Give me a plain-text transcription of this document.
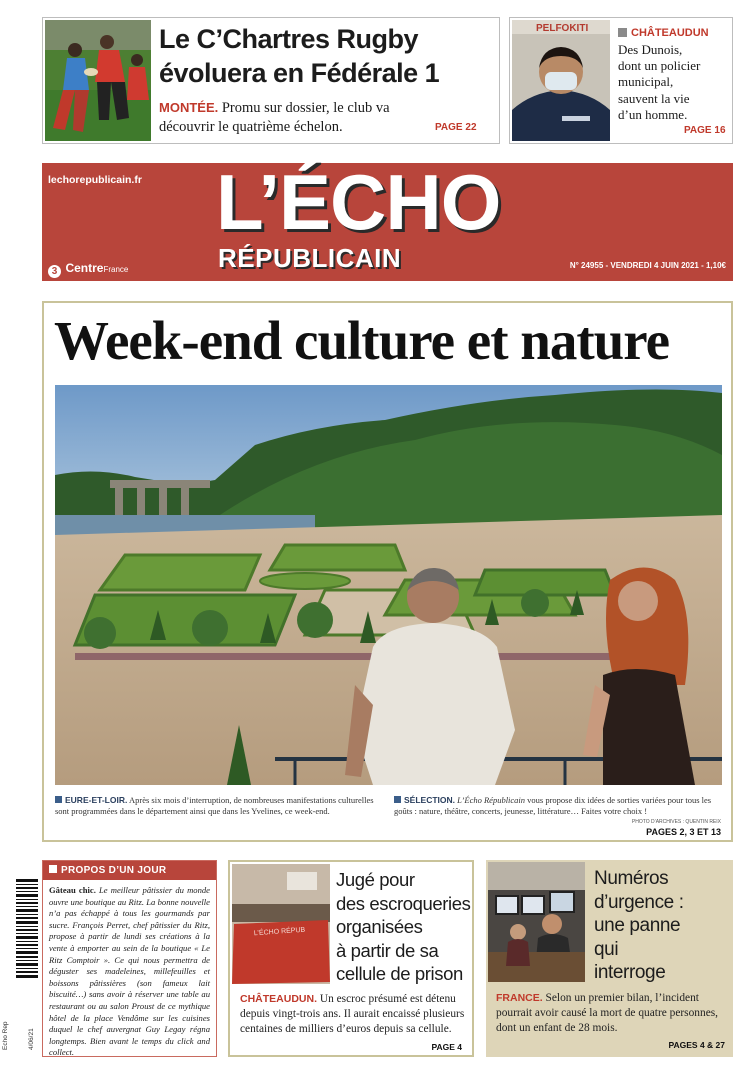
Le C’Chartres Rugby
évoluera en Fédérale 1
MONTÉE. Promu sur dossier, le club va
découvrir le quatrième échelon.	PAGE 22
PELFOKITI	CHÂTEAUDUN
Des Dunois,
dont un policier
municipal,
sauvent la vie
d’un homme.
PAGE 16
lechorepublicain.fr L’ÉCHO
RÉPUBLICAIN
3 CentreFrance	N° 24955 - VENDREDI 4 JUIN 2021 - 1,10€
Week-end culture et nature
EURE-ET-LOIR. Après six mois d’interruption, de nombreuses manifestations culturelles sont programmées dans le département ainsi que dans les Yvelines, ce week-end.
SÉLECTION. L’Écho Républicain vous propose dix idées de sorties variées pour tous les goûts : nature, théâtre, concerts, jeunesse, littérature… Faites votre choix !
PHOTO D’ARCHIVES : QUENTIN REIX
PAGES 2, 3 ET 13
Echo Rep	4/06/21
PROPOS D’UN JOUR
Gâteau chic. Le meilleur pâtissier du monde ouvre une boutique au Ritz. La bonne nouvelle n’a pas échappé à tous les gourmands par sucre. François Perret, chef pâtissier du Ritz, propose à partir de lundi ses créations à la vente à emporter au sein de la boutique « Le Ritz Comptoir ». Ce qui nous permettra de déguster ses madeleines, millefeuilles et boissons pâtissières (son fameux lait biscuité…) sans avoir à réserver une table au restaurant ou au salon Proust de ce mythique hôtel de la place Vendôme sur les cuisines duquel le chef auvergnat Guy Legay régna longtemps. Bien avant le temps du click and collect.
L’ÉCHO RÉPUB
Jugé pour
des escroqueries
organisées
à partir de sa
cellule de prison
CHÂTEAUDUN. Un escroc présumé est détenu depuis vingt-trois ans. Il aurait encaissé plusieurs centaines de milliers d’euros depuis sa cellule.
PAGE 4
Numéros
d’urgence :
une panne
qui
interroge
FRANCE. Selon un premier bilan, l’incident pourrait avoir causé la mort de quatre personnes, dont un enfant de 28 mois.
PAGES 4 & 27
